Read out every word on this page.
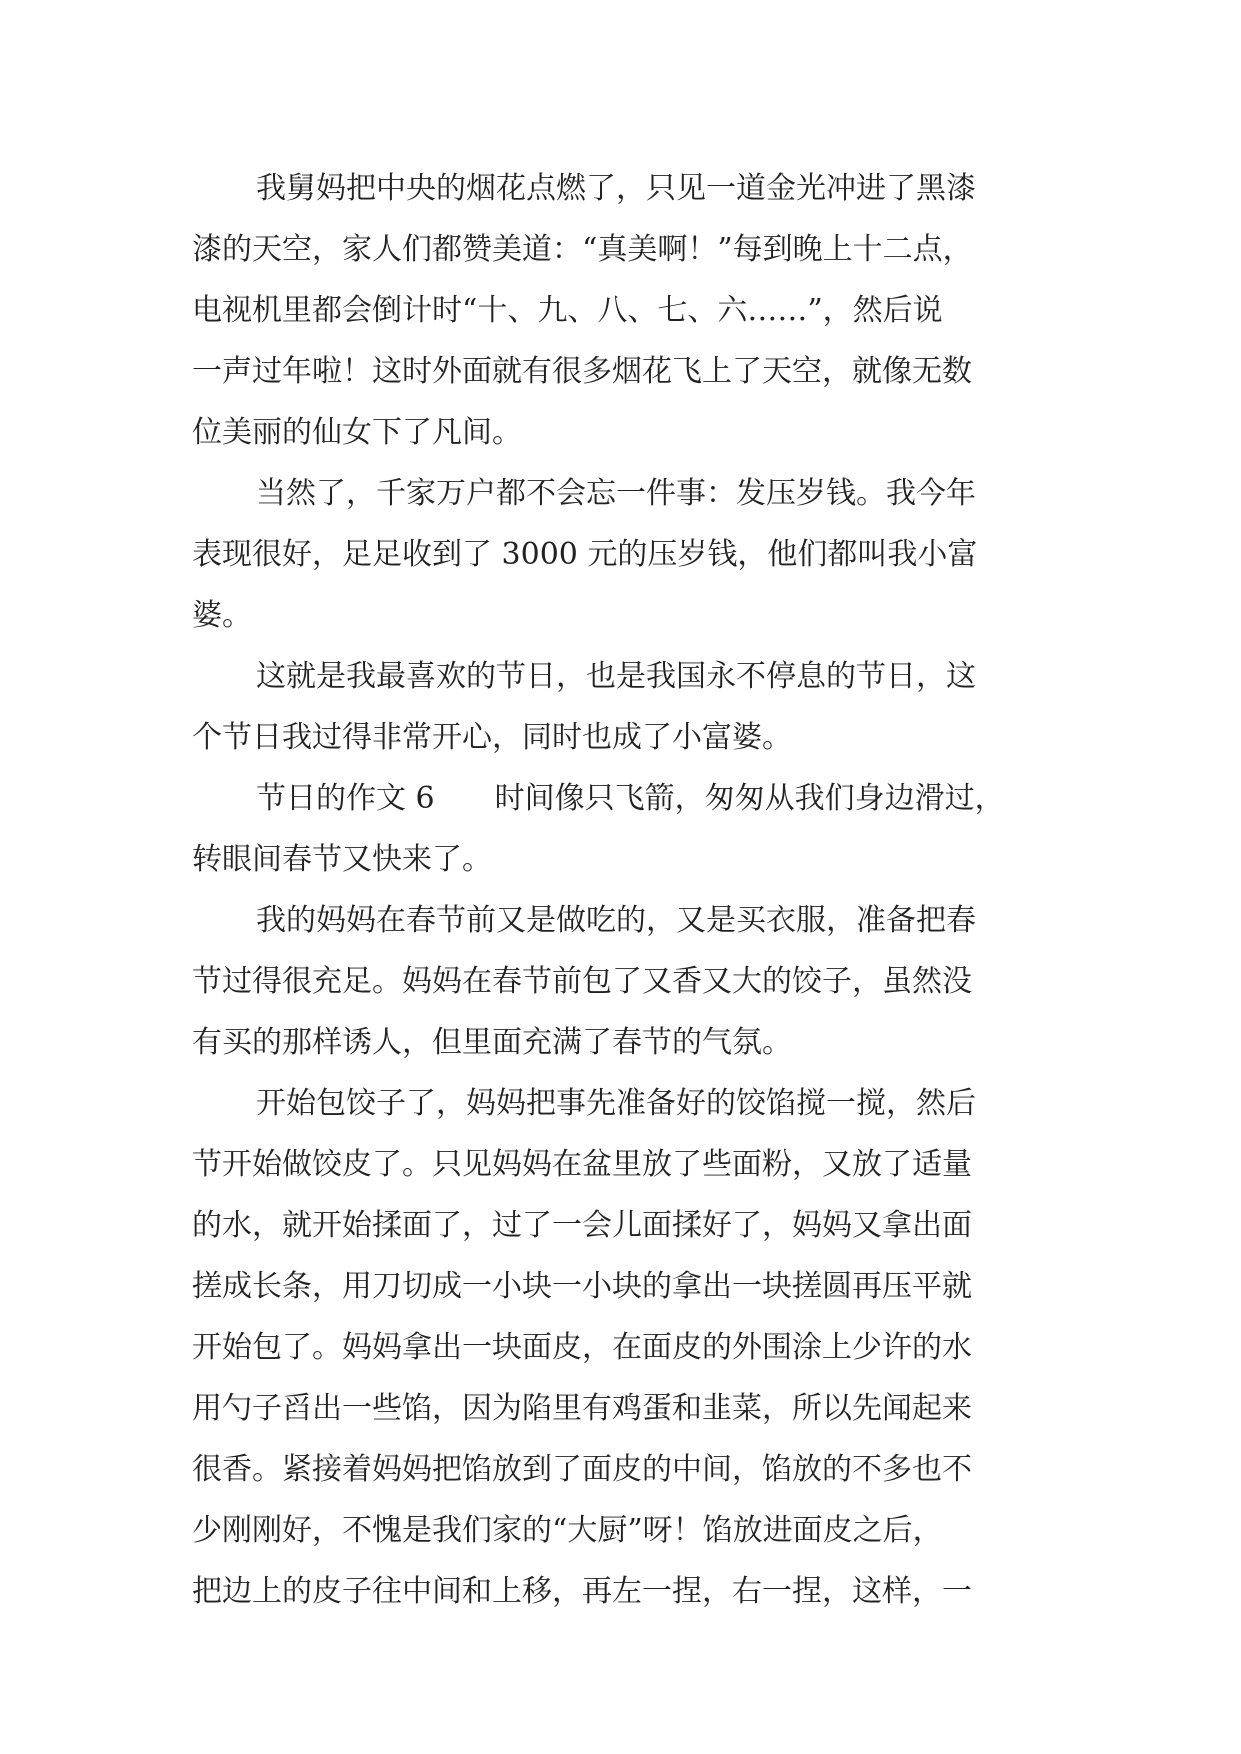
我舅妈把中央的烟花点燃了，只见一道金光冲进了黑漆
漆的天空，家人们都赞美道：“真美啊！”每到晚上十二点，
电视机里都会倒计时“十、九、八、七、六……”，然后说
一声过年啦！这时外面就有很多烟花飞上了天空，就像无数
位美丽的仙女下了凡间。
当然了，千家万户都不会忘一件事：发压岁钱。我今年
表现很好，足足收到了 3000 元的压岁钱，他们都叫我小富
婆。
这就是我最喜欢的节日，也是我国永不停息的节日，这
个节日我过得非常开心，同时也成了小富婆。
节日的作文 6　　时间像只飞箭，匆匆从我们身边滑过，
转眼间春节又快来了。
我的妈妈在春节前又是做吃的，又是买衣服，准备把春
节过得很充足。妈妈在春节前包了又香又大的饺子，虽然没
有买的那样诱人，但里面充满了春节的气氛。
开始包饺子了，妈妈把事先准备好的饺馅搅一搅，然后
节开始做饺皮了。只见妈妈在盆里放了些面粉，又放了适量
的水，就开始揉面了，过了一会儿面揉好了，妈妈又拿出面
搓成长条，用刀切成一小块一小块的拿出一块搓圆再压平就
开始包了。妈妈拿出一块面皮，在面皮的外围涂上少许的水
用勺子舀出一些馅，因为陷里有鸡蛋和韭菜，所以先闻起来
很香。紧接着妈妈把馅放到了面皮的中间，馅放的不多也不
少刚刚好，不愧是我们家的“大厨”呀！馅放进面皮之后，
把边上的皮子往中间和上移，再左一捏，右一捏，这样，一
